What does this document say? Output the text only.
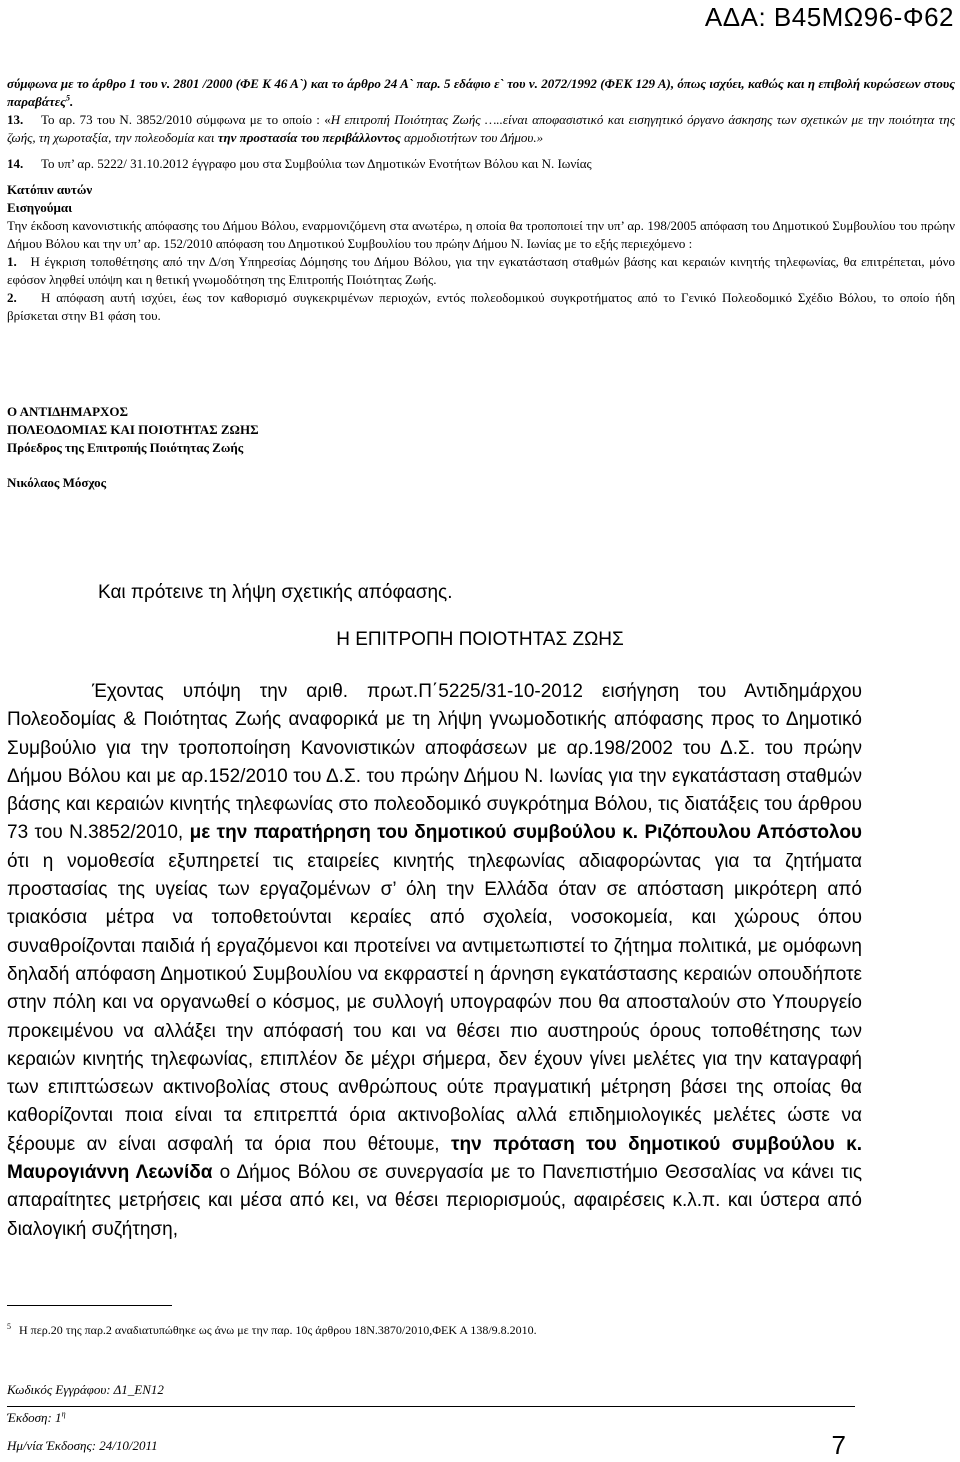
ΑΔΑ: Β45ΜΩ96-Φ62

σύμφωνα με το άρθρο 1 του ν. 2801 /2000 (ΦΕ Κ 46 Α`) και το άρθρο 24 Α` παρ. 5 εδάφιο ε` του ν. 2072/1992 (ΦΕΚ 129 Α), όπως ισχύει, καθώς και η επιβολή κυρώσεων στους παραβάτες$^5$.

13. Το αρ. 73 του Ν. 3852/2010 σύμφωνα με το οποίο : «Η επιτροπή Ποιότητας Ζωής …..είναι αποφασιστικό και εισηγητικό όργανο άσκησης των σχετικών με την ποιότητα της ζωής, τη χωροταξία, την πολεοδομία και την προστασία του περιβάλλοντος αρμοδιοτήτων του Δήμου.»

14. Το υπ’ αρ. 5222/ 31.10.2012 έγγραφο μου στα Συμβούλια των Δημοτικών Ενοτήτων Βόλου και Ν. Ιωνίας

Κατόπιν αυτών

Εισηγούμαι

Την έκδοση κανονιστικής απόφασης του Δήμου Βόλου, εναρμονιζόμενη στα ανωτέρω, η οποία θα τροποποιεί την υπ’ αρ. 198/2005 απόφαση του Δημοτικού Συμβουλίου του πρώην Δήμου Βόλου και την υπ’ αρ. 152/2010 απόφαση του Δημοτικού Συμβουλίου του πρώην Δήμου Ν. Ιωνίας με το εξής περιεχόμενο :

1. Η έγκριση τοποθέτησης από την Δ/ση Υπηρεσίας Δόμησης του Δήμου Βόλου, για την εγκατάσταση σταθμών βάσης και κεραιών κινητής τηλεφωνίας, θα επιτρέπεται, μόνο εφόσον ληφθεί υπόψη και η θετική γνωμοδότηση της Επιτροπής Ποιότητας Ζωής.

2. Η απόφαση αυτή ισχύει, έως τον καθορισμό συγκεκριμένων περιοχών, εντός πολεοδομικού συγκροτήματος από το Γενικό Πολεοδομικό Σχέδιο Βόλου, το οποίο ήδη βρίσκεται στην Β1 φάση του.

Ο ΑΝΤΙΔΗΜΑΡΧΟΣ
ΠΟΛΕΟΔΟΜΙΑΣ ΚΑΙ ΠΟΙΟΤΗΤΑΣ ΖΩΗΣ
Πρόεδρος της Επιτροπής Ποιότητας Ζωής
Νικόλαος Μόσχος
Και πρότεινε τη λήψη σχετικής απόφασης.
Η ΕΠΙΤΡΟΠΗ ΠΟΙΟΤΗΤΑΣ ΖΩΗΣ

Έχοντας υπόψη την αριθ. πρωτ.Π΄5225/31-10-2012 εισήγηση του Αντιδημάρχου Πολεοδομίας & Ποιότητας Ζωής αναφορικά με τη λήψη γνωμοδοτικής απόφασης προς το Δημοτικό Συμβούλιο για την τροποποίηση Κανονιστικών αποφάσεων με αρ.198/2002 του Δ.Σ. του πρώην Δήμου Βόλου και με αρ.152/2010 του Δ.Σ. του πρώην Δήμου Ν. Ιωνίας για την εγκατάσταση σταθμών βάσης και κεραιών κινητής τηλεφωνίας στο πολεοδομικό συγκρότημα Βόλου, τις διατάξεις του άρθρου 73 του Ν.3852/2010, με την παρατήρηση του δημοτικού συμβούλου κ. Ριζόπουλου Απόστολου ότι η νομοθεσία εξυπηρετεί τις εταιρείες κινητής τηλεφωνίας αδιαφορώντας για τα ζητήματα προστασίας της υγείας των εργαζομένων σ’ όλη την Ελλάδα όταν σε απόσταση μικρότερη από τριακόσια μέτρα να τοποθετούνται κεραίες από σχολεία, νοσοκομεία, και χώρους όπου συναθροίζονται παιδιά ή εργαζόμενοι και προτείνει να αντιμετωπιστεί το ζήτημα πολιτικά, με ομόφωνη δηλαδή απόφαση Δημοτικού Συμβουλίου να εκφραστεί η άρνηση εγκατάστασης κεραιών οπουδήποτε στην πόλη και να οργανωθεί ο κόσμος, με συλλογή υπογραφών που θα αποσταλούν στο Υπουργείο προκειμένου να αλλάξει την απόφασή του και να θέσει πιο αυστηρούς όρους τοποθέτησης των κεραιών κινητής τηλεφωνίας, επιπλέον δε μέχρι σήμερα, δεν έχουν γίνει μελέτες για την καταγραφή των επιπτώσεων ακτινοβολίας στους ανθρώπους ούτε πραγματική μέτρηση βάσει της οποίας θα καθορίζονται ποια είναι τα επιτρεπτά όρια ακτινοβολίας αλλά επιδημιολογικές μελέτες ώστε να ξέρουμε αν είναι ασφαλή τα όρια που θέτουμε, την πρόταση του δημοτικού συμβούλου κ. Μαυρογιάννη Λεωνίδα ο Δήμος Βόλου σε συνεργασία με το Πανεπιστήμιο Θεσσαλίας να κάνει τις απαραίτητες μετρήσεις και μέσα από κει, να θέσει περιορισμούς, αφαιρέσεις κ.λ.π. και ύστερα από διαλογική συζήτηση,

$^5$ Η περ.20 της παρ.2 αναδιατυπώθηκε ως άνω με την παρ. 10ς άρθρου 18Ν.3870/2010,ΦΕΚ Α 138/9.8.2010.
Κωδικός Εγγράφου: Δ1_ΕΝ12
Έκδοση: $1^\eta$
Ημ/νία Έκδοσης: 24/10/2011	7
